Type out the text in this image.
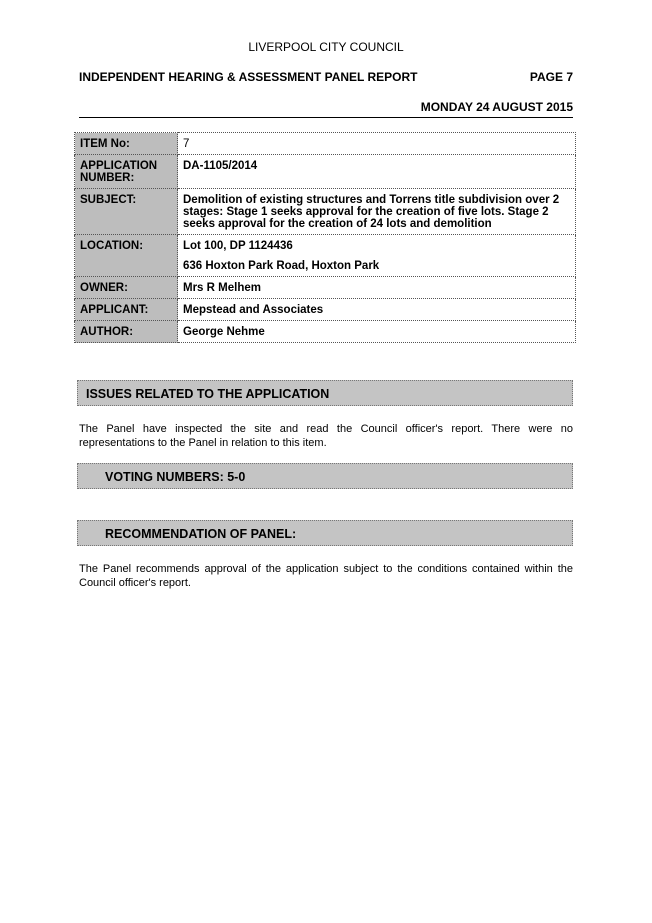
LIVERPOOL CITY COUNCIL
INDEPENDENT HEARING & ASSESSMENT PANEL REPORT	PAGE 7
MONDAY 24 AUGUST 2015
ITEM No:	7
APPLICATION NUMBER:	DA-1105/2014
SUBJECT:	Demolition of existing structures and Torrens title subdivision over 2 stages: Stage 1 seeks approval for the creation of five lots. Stage 2 seeks approval for the creation of 24 lots and demolition
LOCATION:	Lot 100, DP 1124436
636 Hoxton Park Road, Hoxton Park

OWNER:	Mrs R Melhem
APPLICANT:	Mepstead and Associates
AUTHOR:	George Nehme
ISSUES RELATED TO THE APPLICATION
The Panel have inspected the site and read the Council officer's report. There were no representations to the Panel in relation to this item.
VOTING NUMBERS: 5-0
RECOMMENDATION OF PANEL:
The Panel recommends approval of the application subject to the conditions contained within the Council officer's report.
